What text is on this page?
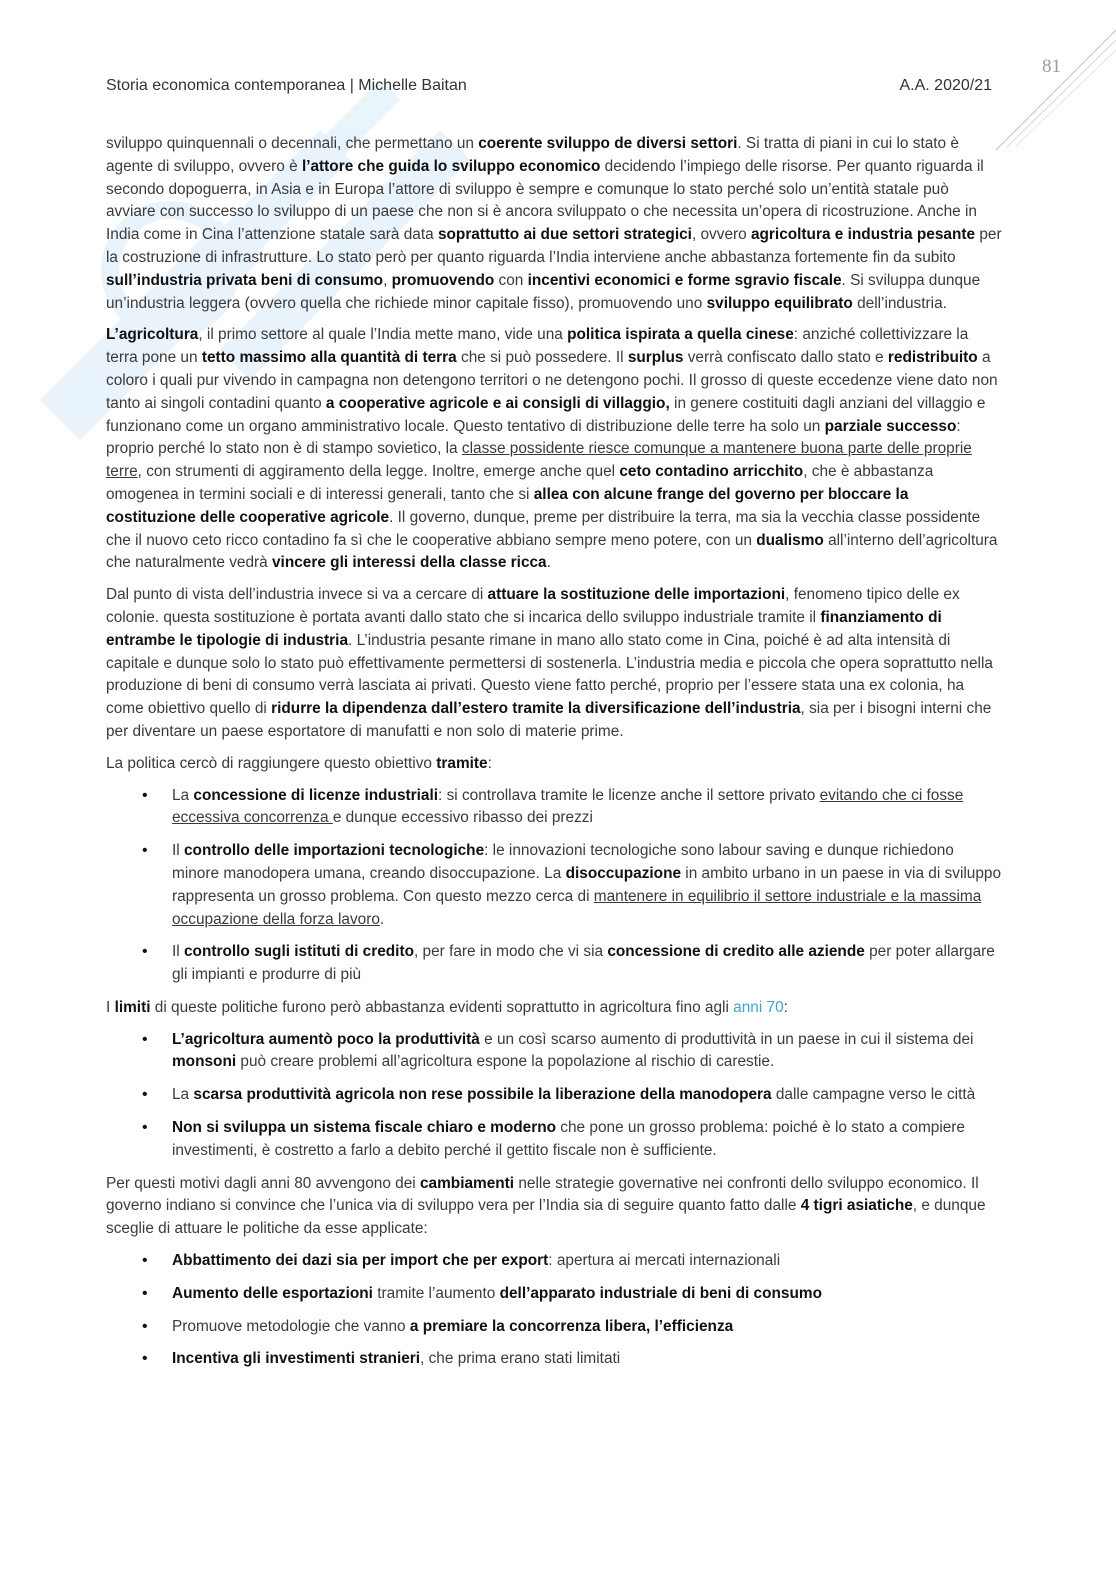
81
Storia economica contemporanea | Michelle Baitan	A.A. 2020/21

sviluppo quinquennali o decennali, che permettano un coerente sviluppo de diversi settori. Si tratta di piani in cui lo stato è agente di sviluppo, ovvero è l’attore che guida lo sviluppo economico decidendo l’impiego delle risorse. Per quanto riguarda il secondo dopoguerra, in Asia e in Europa l’attore di sviluppo è sempre e comunque lo stato perché solo un’entità statale può avviare con successo lo sviluppo di un paese che non si è ancora sviluppato o che necessita un’opera di ricostruzione. Anche in India come in Cina l’attenzione statale sarà data soprattutto ai due settori strategici, ovvero agricoltura e industria pesante per la costruzione di infrastrutture. Lo stato però per quanto riguarda l’India interviene anche abbastanza fortemente fin da subito sull’industria privata beni di consumo, promuovendo con incentivi economici e forme sgravio fiscale. Si sviluppa dunque un’industria leggera (ovvero quella che richiede minor capitale fisso), promuovendo uno sviluppo equilibrato dell’industria.

L’agricoltura, il primo settore al quale l’India mette mano, vide una politica ispirata a quella cinese: anziché collettivizzare la terra pone un tetto massimo alla quantità di terra che si può possedere. Il surplus verrà confiscato dallo stato e redistribuito a coloro i quali pur vivendo in campagna non detengono territori o ne detengono pochi. Il grosso di queste eccedenze viene dato non tanto ai singoli contadini quanto a cooperative agricole e ai consigli di villaggio, in genere costituiti dagli anziani del villaggio e funzionano come un organo amministrativo locale. Questo tentativo di distribuzione delle terre ha solo un parziale successo: proprio perché lo stato non è di stampo sovietico, la classe possidente riesce comunque a mantenere buona parte delle proprie terre, con strumenti di aggiramento della legge. Inoltre, emerge anche quel ceto contadino arricchito, che è abbastanza omogenea in termini sociali e di interessi generali, tanto che si allea con alcune frange del governo per bloccare la costituzione delle cooperative agricole. Il governo, dunque, preme per distribuire la terra, ma sia la vecchia classe possidente che il nuovo ceto ricco contadino fa sì che le cooperative abbiano sempre meno potere, con un dualismo all’interno dell’agricoltura che naturalmente vedrà vincere gli interessi della classe ricca.

Dal punto di vista dell’industria invece si va a cercare di attuare la sostituzione delle importazioni, fenomeno tipico delle ex colonie. questa sostituzione è portata avanti dallo stato che si incarica dello sviluppo industriale tramite il finanziamento di entrambe le tipologie di industria. L’industria pesante rimane in mano allo stato come in Cina, poiché è ad alta intensità di capitale e dunque solo lo stato può effettivamente permettersi di sostenerla. L’industria media e piccola che opera soprattutto nella produzione di beni di consumo verrà lasciata ai privati. Questo viene fatto perché, proprio per l’essere stata una ex colonia, ha come obiettivo quello di ridurre la dipendenza dall’estero tramite la diversificazione dell’industria, sia per i bisogni interni che per diventare un paese esportatore di manufatti e non solo di materie prime.

La politica cercò di raggiungere questo obiettivo tramite:

• La concessione di licenze industriali: si controllava tramite le licenze anche il settore privato evitando che ci fosse eccessiva concorrenza e dunque eccessivo ribasso dei prezzi
• Il controllo delle importazioni tecnologiche: le innovazioni tecnologiche sono labour saving e dunque richiedono minore manodopera umana, creando disoccupazione. La disoccupazione in ambito urbano in un paese in via di sviluppo rappresenta un grosso problema. Con questo mezzo cerca di mantenere in equilibrio il settore industriale e la massima occupazione della forza lavoro.
• Il controllo sugli istituti di credito, per fare in modo che vi sia concessione di credito alle aziende per poter allargare gli impianti e produrre di più

I limiti di queste politiche furono però abbastanza evidenti soprattutto in agricoltura fino agli anni 70:

• L’agricoltura aumentò poco la produttività e un così scarso aumento di produttività in un paese in cui il sistema dei monsoni può creare problemi all’agricoltura espone la popolazione al rischio di carestie.
• La scarsa produttività agricola non rese possibile la liberazione della manodopera dalle campagne verso le città
• Non si sviluppa un sistema fiscale chiaro e moderno che pone un grosso problema: poiché è lo stato a compiere investimenti, è costretto a farlo a debito perché il gettito fiscale non è sufficiente.

Per questi motivi dagli anni 80 avvengono dei cambiamenti nelle strategie governative nei confronti dello sviluppo economico. Il governo indiano si convince che l’unica via di sviluppo vera per l’India sia di seguire quanto fatto dalle 4 tigri asiatiche, e dunque sceglie di attuare le politiche da esse applicate:

• Abbattimento dei dazi sia per import che per export: apertura ai mercati internazionali
• Aumento delle esportazioni tramite l’aumento dell’apparato industriale di beni di consumo
• Promuove metodologie che vanno a premiare la concorrenza libera, l’efficienza
• Incentiva gli investimenti stranieri, che prima erano stati limitati
